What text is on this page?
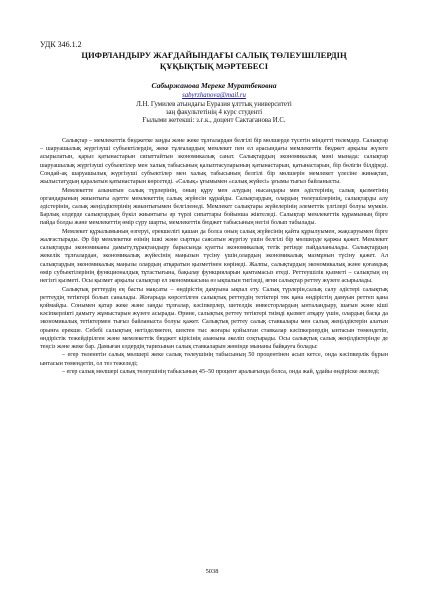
УДК 346.1.2
ЦИФРЛАНДЫРУ ЖАҒДАЙЫНДАҒЫ САЛЫҚ ТӨЛЕУШІЛЕРДІҢ
ҚҰҚЫҚТЫҚ МӘРТЕБЕСІ
Сабыржанова Мереке Муратбековна
sabyrzhanova@mail.ru
Л.Н. Гумилев атындағы Еуразия ұлттық университеті
заң факультетінің 4 курс студенті
Ғылыми жетекші: з.ғ.к., доцент Сактаганова И.С.

Салықтар – мемлекеттік бюджетке заңды және жеке тұлғалардан белгілі бір мөлшерде түсетін міндетті төлемдер. Салықтар – шаруашылық жүргізуші субъектілердің, жеке тұлғалардың мемлекет пен ел арасындағы мемлекеттік бюджет арқылы жүзеге асырылатын, қарыз қатынастарын сипаттайтын экономикалық санат. Салықтардың экономикалық мәні мынада: салықтар шаруашылық жүргізуші субъектілер мен халық табысының қалыптасуларының қатынастарын, қатынастарын, бір бөлігін білдіреді. Сондай-ақ шаруашылық жүргізуші субъектілер мен халық табысының белгілі бір мөлшерін мемлекет үлесіне жинақтап, жылыстатудың қаралатын қатынастарын көрсетеді. «Салық» ұғымымен «салық жүйесі» ұғымы тығыз байланысты.

Мемлекетте алынатын салық түрлерінің, оның құру мен алудың нысандары мен әдістерінің, салық қызметінің органдарының жиынтығы әдетте мемлекеттің салық жүйесін құрайды. Салықтардың, олардың төлеушілерінің, салықтарды алу әдістерінің, салық жеңілдіктерінің жиынтығымен белгіленеді. Мемлекет салықтары жүйелерінің әлеметтік үлгілері болуы мүмкін. Барлық елдерде салықтардың бүкіл жиынтығы әр түрлі сипаттары бойынша жіктеледі. Салықтар мемлекеттік құрамының бірге пайда болды және мемлекеттің өмір сүру шарты, мемлекеттік бюджет табысының негізі болып табылады.

Мемлекет құрылымының өзгеруі, ерекшелігі қашан да болса оның салық жүйесінің қайта құрылуымен, жақсаруымен бірге жалғастырады. Әр бір мемлекетке өзінің ішкі және сыртқы саясатын жүргізу үшін белгілі бір мөлшерде қаржы қажет. Мемлекет салықтарды экономиканы дамыту,тұрақтандыру барысында қуатты экономикалық тетік ретінде пайдаланылады. Салықтардың жекелік тұлғалардан, экономикалық жүйесінің маңызын түсіну үшін,олардың экономикалық мазмұнын түсіну қажет. Ал салықтардың экономикалық маңызы олардың атқаратын қызметінен көрінеді. Жалпы, салықтардың экономикалық және қоғамдық өмір субъектілерінің функционалдық тұтастығына, бақылау функцияларын қамтамасыз етеді. Реттеушілік қызметі – салықтың ең негізгі қызметі. Осы қызмет арқылы салықтар ел экономикасына өз ықпалын тигізеді, яғни салықтар реттеу жүзеге асырылады.

Салықтық реттеудің ең басты мақсаты – өндірістің дамуына ықпал ету. Салық түрлерін,салық салу әдістері салықтық реттеудің тетіктері болып саналады. Жоғарыда көрсетілген салықтық реттеудің тетіктері тек қана өндірістің дамуын реттеп қана қоймайды. Сонымен қатар жеке және заңды тұлғалар, кәсіпкерлер, шетелдік инвесторлардың ынталандыру, шағын және кіші кәсіпкерлікті дамыту жұмыстарын жүзеге асырады. Өрине, салықтық реттеу тетіктері тиімді қызмет атқару үшін, олардың басқа да экономикалық тетіктермен тығыз байланыста болуы қажет. Салықтық реттеу салық ставкалары мен салық жеңілдіктерін алатын орынға ерекше. Себебі салықтың негізделмеген, шектен тыс жоғары қойылған ставкалар кәсіпкерлердің ынтасын төмендетіп, өндірістік тежейдірілген және мемлекеттік бюджет кірісінің азаюына әкеліп соқтырады. Осы салықтық салық жеңілдіктерінде де теңсіз және жеке бар. Дамыған елдердің тарихынан салық ставкаларын жөнінде мынаны байқауға болады:

– егер төленетін салық мөлшері жеке салық төлеушінің табысының 50 процентінен асып кетсе, онда кәсіпкерлік бұрын ынтасын төмендетіп, ол тез тежеледі;

– егер салық мөлшері салық төлеушінің табысының 45–50 процент аралығында болса, онда жай, ұдайы өндіріске әкеледі;

5038
